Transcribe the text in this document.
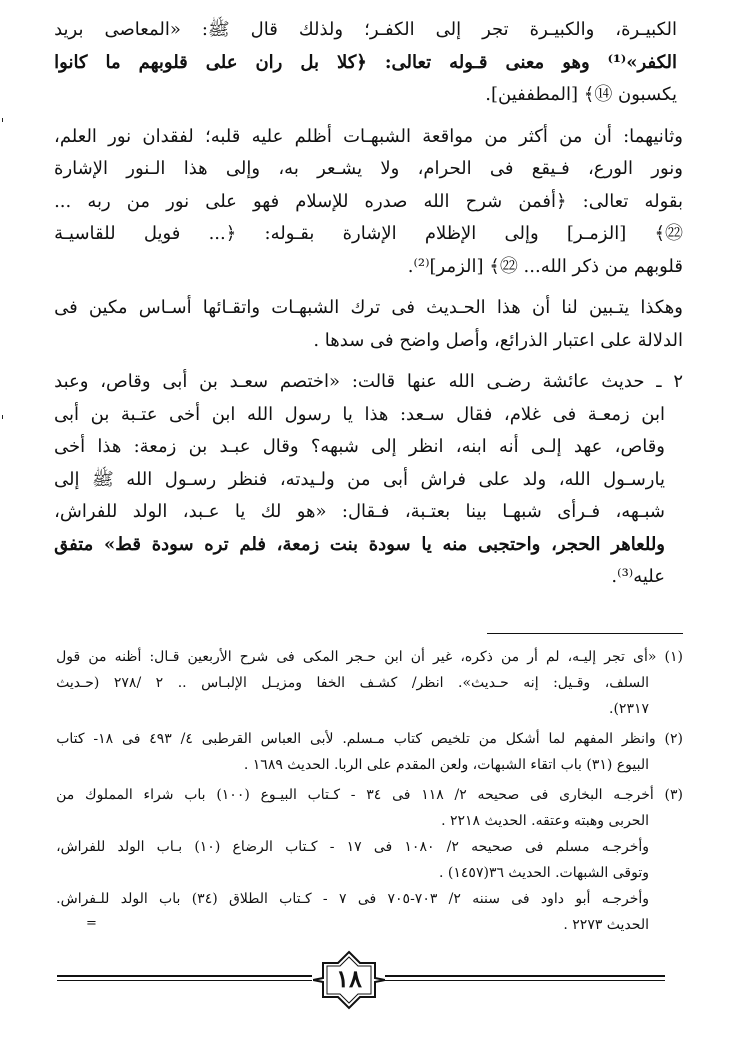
الكبيـرة،
والكبيـرة
تجر
إلى
الكفـر؛
ولذلك
قال
ﷺ:
«المعاصى
بريد
الكفر»⁽¹⁾
وهو
معنى
قـوله
تعالى:
﴿كلا
بل
ران
على
قلوبهم
ما
كانوا
يكسبون ⑭﴾ [المطففين].
وثانيهما:
أن
من
أكثر
من
مواقعة
الشبهـات
أظلم
عليه
قلبه؛
لفقدان
نور
العلم،
ونور
الورع،
فـيقع
فى
الحرام،
ولا
يشـعر
به،
وإلى
هذا
الـنور
الإشارة
بقوله
تعالى:
﴿أفمن
شرح
الله
صدره
للإسلام
فهو
على
نور
من
ربه
...
㉒﴾
[الزمـر]
وإلى
الإظلام
الإشارة
بقـوله:
﴿...
فويل
للقاسيـة
قلوبهم من ذكر الله... ㉒﴾ [الزمر]⁽²⁾.
وهكذا
يتـبين
لنا
أن
هذا
الحـديث
فى
ترك
الشبهـات
واتقـائها
أسـاس
مكين
فى
الدلالة على اعتبار الذرائع، وأصل واضح فى سدها .
٢
ـ
حديث
عائشة
رضـى
الله
عنها
قالت:
«اختصم
سعـد
بن
أبى
وقاص،
وعبد
ابن
زمعـة
فى
غلام،
فقال
سـعد:
هذا
يا
رسول
الله
ابن
أخى
عتـبة
بن
أبى
وقاص،
عهد
إلـى
أنه
ابنه،
انظر
إلى
شبهه؟
وقال
عبـد
بن
زمعة:
هذا
أخى
يارسـول
الله،
ولد
على
فراش
أبى
من
ولـيدته،
فنظر
رسـول
الله
ﷺ
إلى
شبـهه،
فـرأى
شبهـا
بينا
بعتـبة،
فـقال:
«هو
لك
يا
عـبد،
الولد
للفراش،
وللعاهر
الحجر،
واحتجبى
منه
يا
سودة
بنت
زمعة،
فلم
تره
سودة
قط»
متفق
عليه⁽³⁾.
(١)
«أى
تجر
إليـه،
لم
أر
من
ذكره،
غير
أن
ابن
حـجر
المكى
فى
شرح
الأربعين
قـال:
أظنه
من
قول
السلف،
وقـيل:
إنه
حـديث».
انظر/
كشـف
الخفا
ومزيـل
الإلبـاس
..
٢
/٢٧٨
(حـديث
٢٣١٧).
(٢)
وانظر
المفهم
لما
أشكل
من
تلخيص
كتاب
مـسلم.
لأبى
العباس
القرطبى
٤/
٤٩٣
فى
١٨-
كتاب
البيوع (٣١) باب اتقاء الشبهات، ولعن المقدم على الربا. الحديث ١٦٨٩ .
(٣)
أخرجـه
البخارى
فى
صحيحه
٢/
١١٨
فى
٣٤
-
كـتاب
البيـوع
(١٠٠)
باب
شراء
المملوك
من
الحربى وهبته وعتقه. الحديث ٢٢١٨ .
وأخرجـه
مسلم
فى
صحيحه
٢/
١٠٨٠
فى
١٧
-
كـتاب
الرضاع
(١٠)
بـاب
الولد
للفراش،
وتوقى الشبهات. الحديث ٣٦(١٤٥٧) .
وأخرجـه
أبو
داود
فى
سننه
٢/
٧٠٣-٧٠٥
فى
٧
-
كـتاب
الطلاق
(٣٤)
باب
الولد
للـفراش.
الحديث ٢٢٧٣ .
=
١٨
